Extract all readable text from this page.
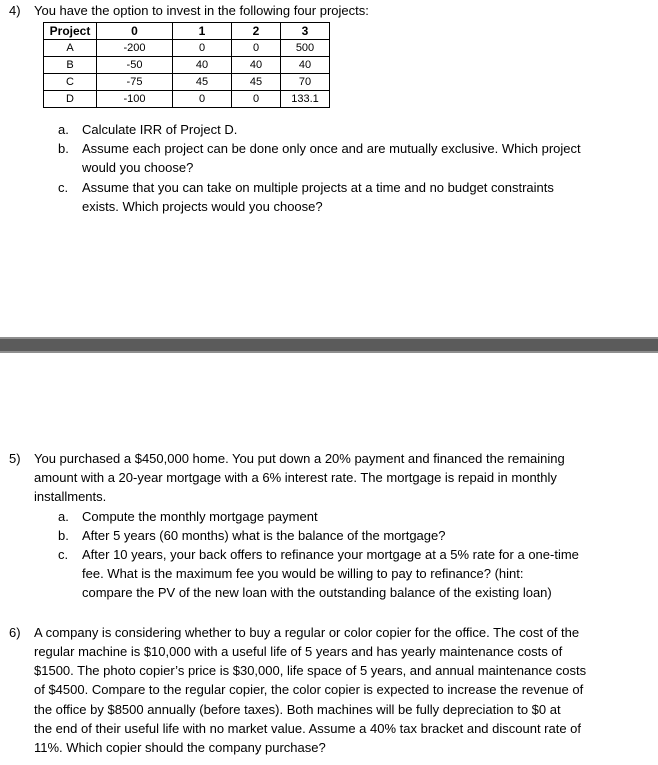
4) You have the option to invest in the following four projects:
Project	0	1	2	3
A	-200	0	0	500
B	-50	40	40	40
C	-75	45	45	70
D	-100	0	0	133.1
a. Calculate IRR of Project D.
b. Assume each project can be done only once and are mutually exclusive. Which project
would you choose?
c. Assume that you can take on multiple projects at a time and no budget constraints
exists. Which projects would you choose?
5) You purchased a $450,000 home. You put down a 20% payment and financed the remaining
amount with a 20-year mortgage with a 6% interest rate. The mortgage is repaid in monthly
installments.
a. Compute the monthly mortgage payment
b. After 5 years (60 months) what is the balance of the mortgage?
c. After 10 years, your back offers to refinance your mortgage at a 5% rate for a one-time
fee. What is the maximum fee you would be willing to pay to refinance? (hint:
compare the PV of the new loan with the outstanding balance of the existing loan)
6) A company is considering whether to buy a regular or color copier for the office. The cost of the
regular machine is $10,000 with a useful life of 5 years and has yearly maintenance costs of
$1500. The photo copier’s price is $30,000, life space of 5 years, and annual maintenance costs
of $4500. Compare to the regular copier, the color copier is expected to increase the revenue of
the office by $8500 annually (before taxes). Both machines will be fully depreciation to $0 at
the end of their useful life with no market value. Assume a 40% tax bracket and discount rate of
11%. Which copier should the company purchase?
